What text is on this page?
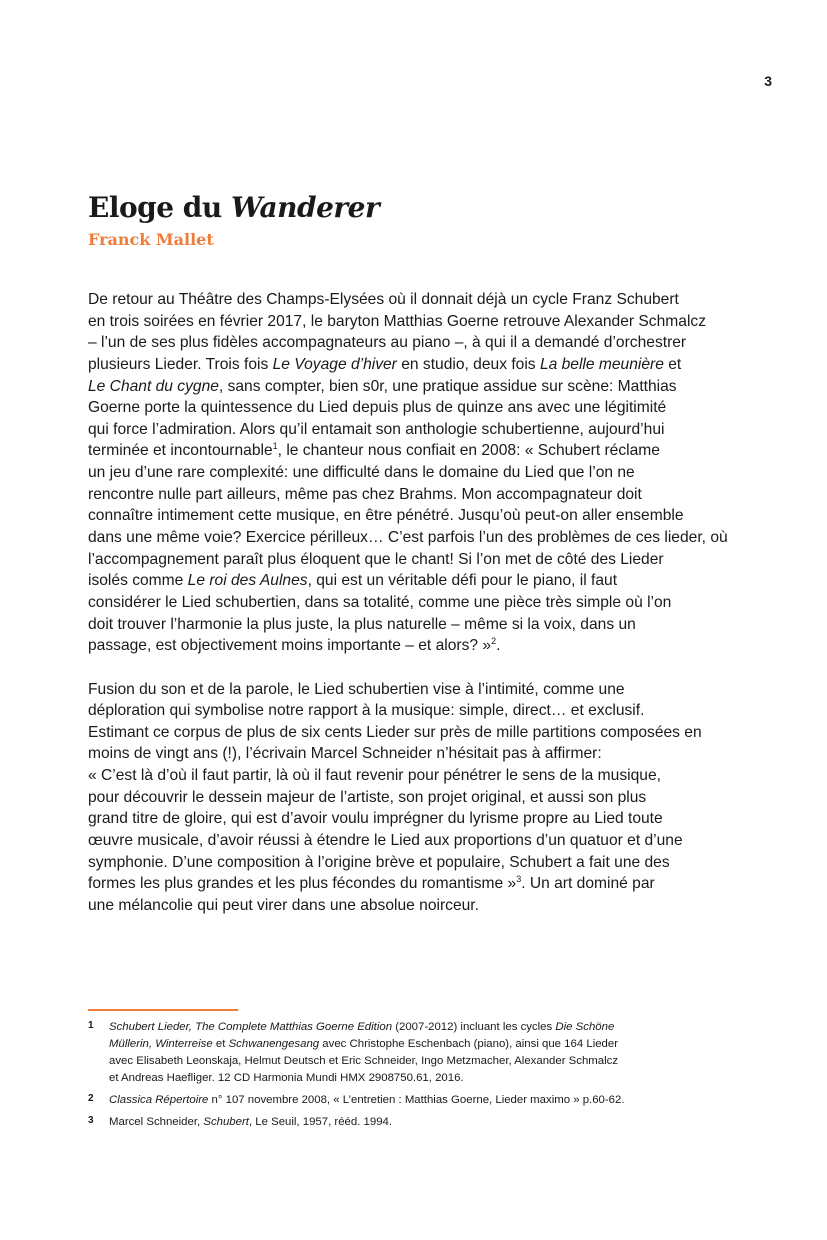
3
Eloge du Wanderer
Franck Mallet
De retour au Théâtre des Champs-Elysées où il donnait déjà un cycle Franz Schubert
en trois soirées en février 2017, le baryton Matthias Goerne retrouve Alexander Schmalcz
– l’un de ses plus fidèles accompagnateurs au piano –, à qui il a demandé d’orchestrer
plusieurs Lieder. Trois fois Le Voyage d’hiver en studio, deux fois La belle meunière et
Le Chant du cygne, sans compter, bien s0r, une pratique assidue sur scène: Matthias
Goerne porte la quintessence du Lied depuis plus de quinze ans avec une légitimité
qui force l’admiration. Alors qu’il entamait son anthologie schubertienne, aujourd’hui
terminée et incontournable$^1$, le chanteur nous confiait en 2008: « Schubert réclame
un jeu d’une rare complexité: une difficulté dans le domaine du Lied que l’on ne
rencontre nulle part ailleurs, même pas chez Brahms. Mon accompagnateur doit
connaître intimement cette musique, en être pénétré. Jusqu’où peut-on aller ensemble
dans une même voie? Exercice périlleux… C’est parfois l’un des problèmes de ces lieder, où
l’accompagnement paraît plus éloquent que le chant! Si l’on met de côté des Lieder
isolés comme Le roi des Aulnes, qui est un véritable défi pour le piano, il faut
considérer le Lied schubertien, dans sa totalité, comme une pièce très simple où l’on
doit trouver l’harmonie la plus juste, la plus naturelle – même si la voix, dans un
passage, est objectivement moins importante – et alors? »$^2$.
Fusion du son et de la parole, le Lied schubertien vise à l’intimité, comme une
déploration qui symbolise notre rapport à la musique: simple, direct… et exclusif.
Estimant ce corpus de plus de six cents Lieder sur près de mille partitions composées en
moins de vingt ans (!), l’écrivain Marcel Schneider n’hésitait pas à affirmer:
« C’est là d’où il faut partir, là où il faut revenir pour pénétrer le sens de la musique,
pour découvrir le dessein majeur de l’artiste, son projet original, et aussi son plus
grand titre de gloire, qui est d’avoir voulu imprégner du lyrisme propre au Lied toute
œuvre musicale, d’avoir réussi à étendre le Lied aux proportions d’un quatuor et d’une
symphonie. D’une composition à l’origine brève et populaire, Schubert a fait une des
formes les plus grandes et les plus fécondes du romantisme »$^3$. Un art dominé par
une mélancolie qui peut virer dans une absolue noirceur.
1 Schubert Lieder, The Complete Matthias Goerne Edition (2007-2012) incluant les cycles Die Schöne
Müllerin, Winterreise et Schwanengesang avec Christophe Eschenbach (piano), ainsi que 164 Lieder
avec Elisabeth Leonskaja, Helmut Deutsch et Eric Schneider, Ingo Metzmacher, Alexander Schmalcz
et Andreas Haefliger. 12 CD Harmonia Mundi HMX 2908750.61, 2016.
2 Classica Répertoire n° 107 novembre 2008, « L’entretien : Matthias Goerne, Lieder maximo » p.60-62.
3 Marcel Schneider, Schubert, Le Seuil, 1957, rééd. 1994.
